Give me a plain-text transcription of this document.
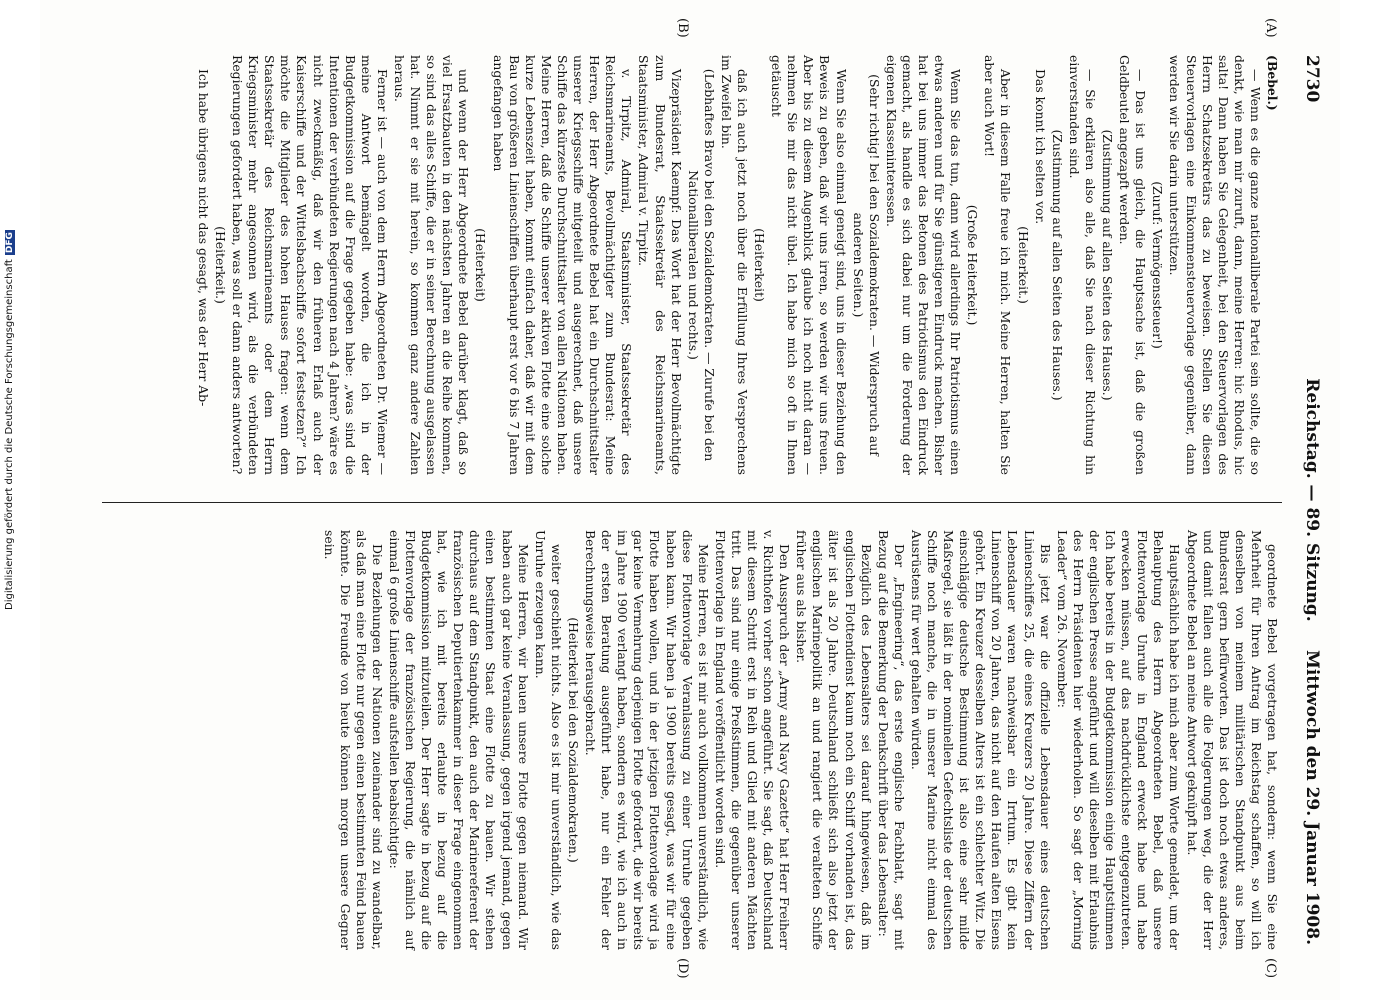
2730
Reichstag. — 89. Sitzung.
Mittwoch den 29. Januar 1908.
(A)
(B)
(C)
(D)

(Bebel.)

— Wenn es die ganze nationalliberale Partei sein sollte, die so denkt, wie man mir zuruft, dann, meine Herren: hic Rhodus, hic salta! Dann haben Sie Gelegenheit, bei den Steuervorlagen des Herrn Schatzsekretärs das zu beweisen. Stellen Sie diesen Steuervorlagen eine Einkommensteuervorlage gegenüber, dann werden wir Sie darin unterstützen.

(Zuruf: Vermögenssteuer!)

— Das ist uns gleich, die Hauptsache ist, daß die großen Geldbeutel angezapft werden.

(Zustimmung auf allen Seiten des Hauses.)

— Sie erklären also alle, daß Sie nach dieser Richtung hin einverstanden sind.

(Zustimmung auf allen Seiten des Hauses.)

Das konnt ich selten vor.

(Heiterkeit.)

Aber in diesem Falle freue ich mich. Meine Herren, halten Sie aber auch Wort!

(Große Heiterkeit.)

Wenn Sie das tun, dann wird allerdings Ihr Patriotismus einen etwas anderen und für Sie günstigeren Eindruck machen. Bisher hat bei uns immer das Betonen des Patriotismus den Eindruck gemacht, als handle es sich dabei nur um die Forderung der eigenen Klasseninteressen.

(Sehr richtig! bei den Sozialdemokraten. — Widerspruch auf anderen Seiten.)

Wenn Sie also einmal geneigt sind, uns in dieser Beziehung den Beweis zu geben, daß wir uns irren, so werden wir uns freuen. Aber bis zu diesem Augenblick glaube ich noch nicht daran — nehmen Sie mir das nicht übel. Ich habe mich so oft in Ihnen getäuscht

(Heiterkeit)

daß ich auch jetzt noch über die Erfüllung Ihres Versprechens im Zweifel bin.

(Lebhaftes Bravo bei den Sozialdemokraten. — Zurufe bei den Nationalliberalen und rechts.)

Vizepräsident Kaempf: Das Wort hat der Herr Bevollmächtigte zum Bundesrat, Staatssekretär des Reichsmarineamts, Staatsminister, Admiral v. Tirpitz.

v. Tirpitz, Admiral, Staatsminister, Staatssekretär des Reichsmarineamts, Bevollmächtigter zum Bundesrat: Meine Herren, der Herr Abgeordnete Bebel hat ein Durchschnittsalter unserer Kriegsschiffe mitgeteilt und ausgerechnet, daß unsere Schiffe das kürzeste Durchschnittsalter von allen Nationen haben. Meine Herren, daß die Schiffe unserer aktiven Flotte eine solche kurze Lebenszeit haben, kommt einfach daher, daß wir mit dem Bau von größeren Linienschiffen überhaupt erst vor 6 bis 7 Jahren angefangen haben

(Heiterkeit)

und wenn der Herr Abgeordnete Bebel darüber klagt, daß so viel Ersatzbauten in den nächsten Jahren an die Reihe kommen, so sind das alles Schiffe, die er in seiner Berechnung ausgelassen hat. Nimmt er sie mit herein, so kommen ganz andere Zahlen heraus.

Ferner ist — auch von dem Herrn Abgeordneten Dr. Wiemer — meine Antwort bemängelt worden, die ich in der Budgetkommission auf die Frage gegeben habe: „was sind die Intentionen der verbündeten Regierungen nach 4 Jahren? wäre es nicht zweckmäßig, daß wir den früheren Erlaß auch der Kaiserschiffe und der Wittelsbachschiffe sofort festsetzen?“ Ich möchte die Mitglieder des hohen Hauses fragen: wenn dem Staatssekretär des Reichsmarineamts oder dem Herrn Kriegsminister mehr angesonnen wird, als die verbündeten Regierungen gefordert haben, was soll er dann anders antworten?

(Heiterkeit.)

Ich habe übrigens nicht das gesagt, was der Herr Ab-

geordnete Bebel vorgetragen hat, sondern: wenn Sie eine Mehrheit für Ihren Antrag im Reichstag schaffen, so will ich denselben von meinem militärischen Standpunkt aus beim Bundesrat gern befürworten. Das ist doch noch etwas anderes, und damit fallen auch alle die Folgerungen weg, die der Herr Abgeordnete Bebel an meine Antwort geknüpft hat.

Hauptsächlich habe ich mich aber zum Worte gemeldet, um der Behauptung des Herrn Abgeordneten Bebel, daß unsere Flottenvorlage Unruhe in England erweckt habe und habe erwecken müssen, auf das nachdrücklichste entgegenzutreten. Ich habe bereits in der Budgetkommission einige Hauptstimmen der englischen Presse angeführt und will dieselben mit Erlaubnis des Herrn Präsidenten hier wiederholen. So sagt der „Morning Leader“ vom 26. November:

Bis jetzt war die offizielle Lebensdauer eines deutschen Linienschiffes 25, die eines Kreuzers 20 Jahre. Diese Ziffern der Lebensdauer waren nachweisbar ein Irrtum. Es gibt kein Linienschiff von 20 Jahren, das nicht auf den Haufen alten Eisens gehört. Ein Kreuzer desselben Alters ist ein schlechter Witz. Die einschlägige deutsche Bestimmung ist also eine sehr milde Maßregel, sie läßt in der nominellen Gefechtsliste der deutschen Schiffe noch manche, die in unserer Marine nicht einmal des Ausrüstens für wert gehalten würden.

Der „Engineering“, das erste englische Fachblatt, sagt mit Bezug auf die Bemerkung der Denkschrift über das Lebensalter:

Bezüglich des Lebensalters sei darauf hingewiesen, daß im englischen Flottendienst kaum noch ein Schiff vorhanden ist, das älter ist als 20 Jahre. Deutschland schließt sich also jetzt der englischen Marinepolitik an und rangiert die veralteten Schiffe früher aus als bisher.

Den Ausspruch der „Army and Navy Gazette“ hat Herr Freiherr v. Richthofen vorher schon angeführt. Sie sagt, daß Deutschland mit diesem Schritt erst in Reih und Glied mit anderen Mächten tritt. Das sind nur einige Preßstimmen, die gegenüber unserer Flottenvorlage in England veröffentlicht worden sind.

Meine Herren, es ist mir auch vollkommen unverständlich, wie diese Flottenvorlage Veranlassung zu einer Unruhe gegeben haben kann. Wir haben ja 1900 bereits gesagt, was wir für eine Flotte haben wollen, und in der jetzigen Flottenvorlage wird ja gar keine Vermehrung derjenigen Flotte gefordert, die wir bereits im Jahre 1900 verlangt haben, sondern es wird, wie ich auch in der ersten Beratung ausgeführt habe, nur ein Fehler der Berechnungsweise herausgebracht.

(Heiterkeit bei den Sozialdemokraten.)

weiter geschieht nichts. Also es ist mir unverständlich, wie das Unruhe erzeugen kann.

Meine Herren, wir bauen unsere Flotte gegen niemand. Wir haben auch gar keine Veranlassung, gegen irgend jemand, gegen einen bestimmten Staat eine Flotte zu bauen. Wir stehen durchaus auf dem Standpunkt, den auch der Marinereferent der französischen Deputiertenkammer in dieser Frage eingenommen hat, wie ich mit bereits erlaubte in bezug auf die Budgetkommission mitzuteilen. Der Herr sagte in bezug auf die Flottenvorlage der französischen Regierung, die nämlich auf einmal 6 große Linienschiffe aufstellen beabsichtigte:

Die Beziehungen der Nationen zueinander sind zu wandelbar, als daß man eine Flotte nur gegen einen bestimmten Feind bauen könnte. Die Freunde von heute können morgen unsere Gegner sein.

Digitalisierung gefördert durch die Deutsche ForschungsgemeinschaftDFG
